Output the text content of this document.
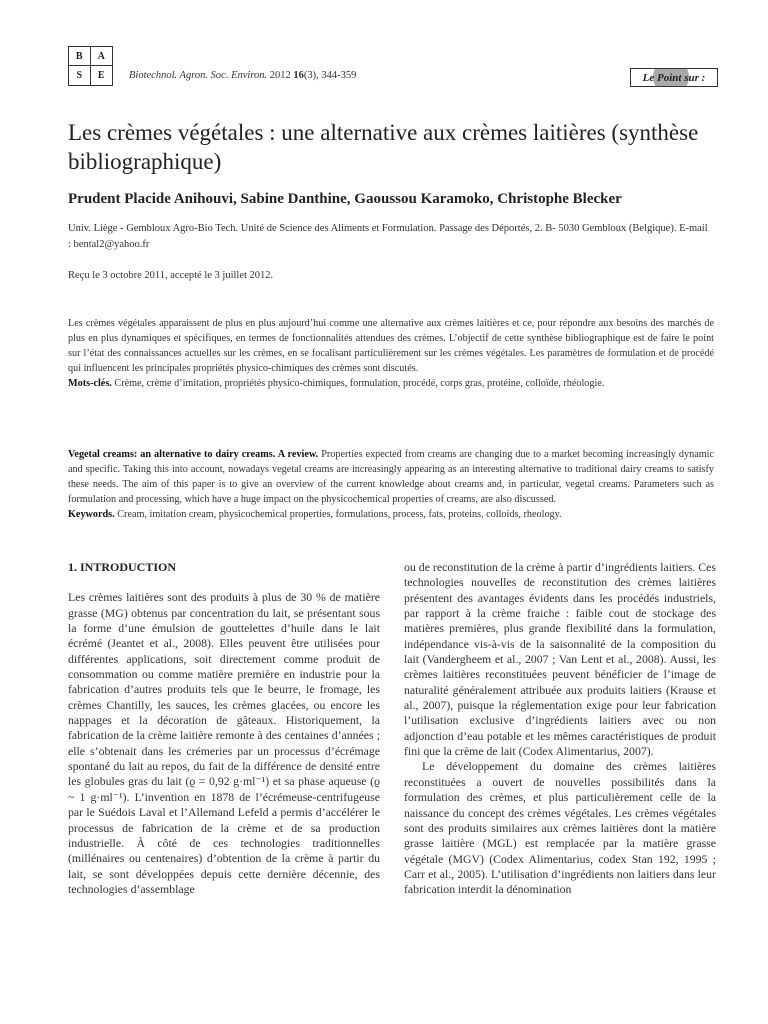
B	A
S	E	Biotechnol. Agron. Soc. Environ. 2012 16(3), 344-359	Le Point sur :
Les crèmes végétales : une alternative aux crèmes laitières (synthèse bibliographique)
Prudent Placide Anihouvi, Sabine Danthine, Gaoussou Karamoko, Christophe Blecker
Univ. Liège - Gembloux Agro-Bio Tech. Unité de Science des Aliments et Formulation. Passage des Déportés, 2. B- 5030 Gembloux (Belgique). E-mail : bental2@yahoo.fr
Reçu le 3 octobre 2011, accepté le 3 juillet 2012.

Les crèmes végétales apparaissent de plus en plus aujourd’hui comme une alternative aux crèmes laitières et ce, pour répondre aux besoins des marchés de plus en plus dynamiques et spécifiques, en termes de fonctionnalités attendues des crèmes. L’objectif de cette synthèse bibliographique est de faire le point sur l’état des connaissances actuelles sur les crèmes, en se focalisant particulièrement sur les crèmes végétales. Les paramètres de formulation et de procédé qui influencent les principales propriétés physico-chimiques des crèmes sont discutés.

Mots-clés. Crème, crème d’imitation, propriétés physico-chimiques, formulation, procédé, corps gras, protéine, colloïde, rhéologie.

Vegetal creams: an alternative to dairy creams. A review. Properties expected from creams are changing due to a market becoming increasingly dynamic and specific. Taking this into account, nowadays vegetal creams are increasingly appearing as an interesting alternative to traditional dairy creams to satisfy these needs. The aim of this paper is to give an overview of the current knowledge about creams and, in particular, vegetal creams. Parameters such as formulation and processing, which have a huge impact on the physicochemical properties of creams, are also discussed.

Keywords. Cream, imitation cream, physicochemical properties, formulations, process, fats, proteins, colloids, rheology.

1. INTRODUCTION

Les crèmes laitières sont des produits à plus de 30 % de matière grasse (MG) obtenus par concentration du lait, se présentant sous la forme d’une émulsion de gouttelettes d’huile dans le lait écrémé (Jeantet et al., 2008). Elles peuvent être utilisées pour différentes applications, soit directement comme produit de consommation ou comme matière première en industrie pour la fabrication d’autres produits tels que le beurre, le fromage, les crèmes Chantilly, les sauces, les crèmes glacées, ou encore les nappages et la décoration de gâteaux. Historiquement, la fabrication de la crème laitière remonte à des centaines d’années ; elle s’obtenait dans les crémeries par un processus d’écrémage spontané du lait au repos, du fait de la différence de densité entre les globules gras du lait (ϱ = 0,92 g·ml⁻¹) et sa phase aqueuse (ϱ ~ 1 g·ml⁻¹). L’invention en 1878 de l’écrémeuse-centrifugeuse par le Suédois Laval et l’Allemand Lefeld a permis d’accélérer le processus de fabrication de la crème et de sa production industrielle. À côté de ces technologies traditionnelles (millénaires ou centenaires) d’obtention de la crème à partir du lait, se sont développées depuis cette dernière décennie, des technologies d’assemblage

ou de reconstitution de la crème à partir d’ingrédients laitiers. Ces technologies nouvelles de reconstitution des crèmes laitières présentent des avantages évidents dans les procédés industriels, par rapport à la crème fraiche : faible cout de stockage des matières premières, plus grande flexibilité dans la formulation, indépendance vis-à-vis de la saisonnalité de la composition du lait (Vandergheem et al., 2007 ; Van Lent et al., 2008). Aussi, les crèmes laitières reconstituées peuvent bénéficier de l’image de naturalité généralement attribuée aux produits laitiers (Krause et al., 2007), puisque la réglementation exige pour leur fabrication l’utilisation exclusive d’ingrédients laitiers avec ou non adjonction d’eau potable et les mêmes caractéristiques de produit fini que la crème de lait (Codex Alimentarius, 2007).

Le développement du domaine des crèmes laitières reconstituées a ouvert de nouvelles possibilités dans la formulation des crèmes, et plus particulièrement celle de la naissance du concept des crèmes végétales. Les crèmes végétales sont des produits similaires aux crèmes laitières dont la matière grasse laitière (MGL) est remplacée par la matière grasse végétale (MGV) (Codex Alimentarius, codex Stan 192, 1995 ; Carr et al., 2005). L’utilisation d’ingrédients non laitiers dans leur fabrication interdit la dénomination
